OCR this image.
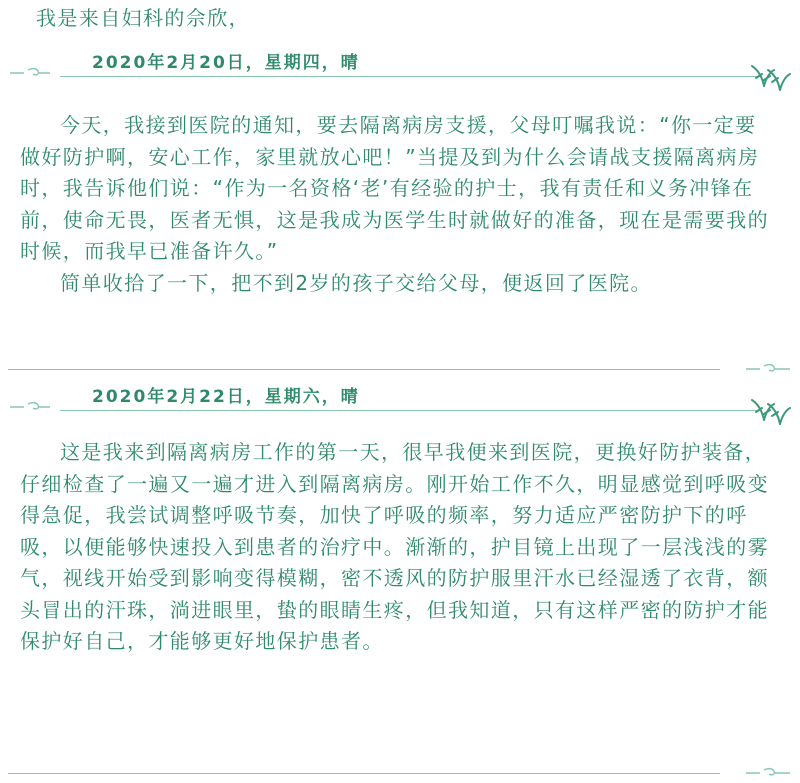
我是来自妇科的佘欣，

2020年2月20日，星期四，晴

今天，我接到医院的通知，要去隔离病房支援，父母叮嘱我说：“你一定要做好防护啊，安心工作，家里就放心吧！”当提及到为什么会请战支援隔离病房时，我告诉他们说：“作为一名资格‘老’有经验的护士，我有责任和义务冲锋在前，使命无畏，医者无惧，这是我成为医学生时就做好的准备，现在是需要我的时候，而我早已准备许久。”
简单收拾了一下，把不到2岁的孩子交给父母，便返回了医院。

2020年2月22日，星期六，晴

这是我来到隔离病房工作的第一天，很早我便来到医院，更换好防护装备，仔细检查了一遍又一遍才进入到隔离病房。刚开始工作不久，明显感觉到呼吸变得急促，我尝试调整呼吸节奏，加快了呼吸的频率，努力适应严密防护下的呼吸，以便能够快速投入到患者的治疗中。渐渐的，护目镜上出现了一层浅浅的雾气，视线开始受到影响变得模糊，密不透风的防护服里汗水已经湿透了衣背，额头冒出的汗珠，淌进眼里，蛰的眼睛生疼，但我知道，只有这样严密的防护才能保护好自己，才能够更好地保护患者。
